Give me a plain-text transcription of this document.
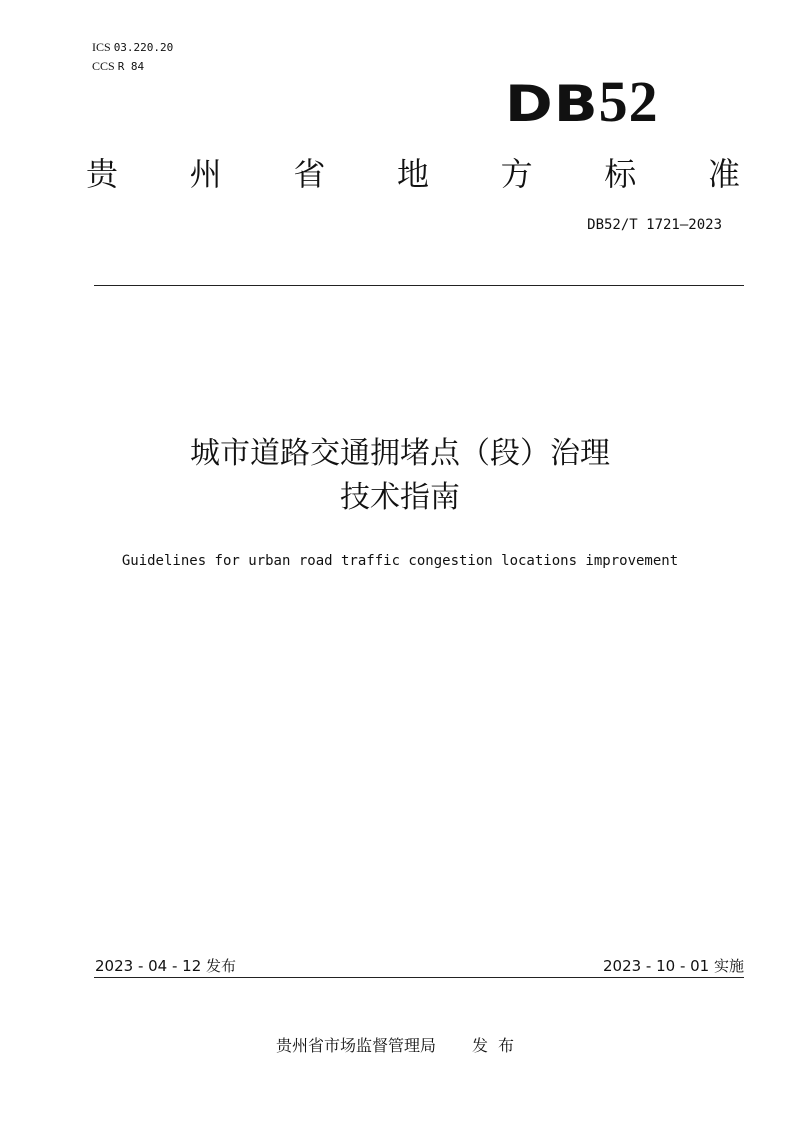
ICS 03.220.20
CCS R 84
DB52
贵 州 省 地 方 标 准
DB52/T 1721—2023
城市道路交通拥堵点（段）治理
技术指南
Guidelines for urban road traffic congestion locations improvement
2023 - 04 - 12 发布	2023 - 10 - 01 实施
贵州省市场监督管理局 发布
